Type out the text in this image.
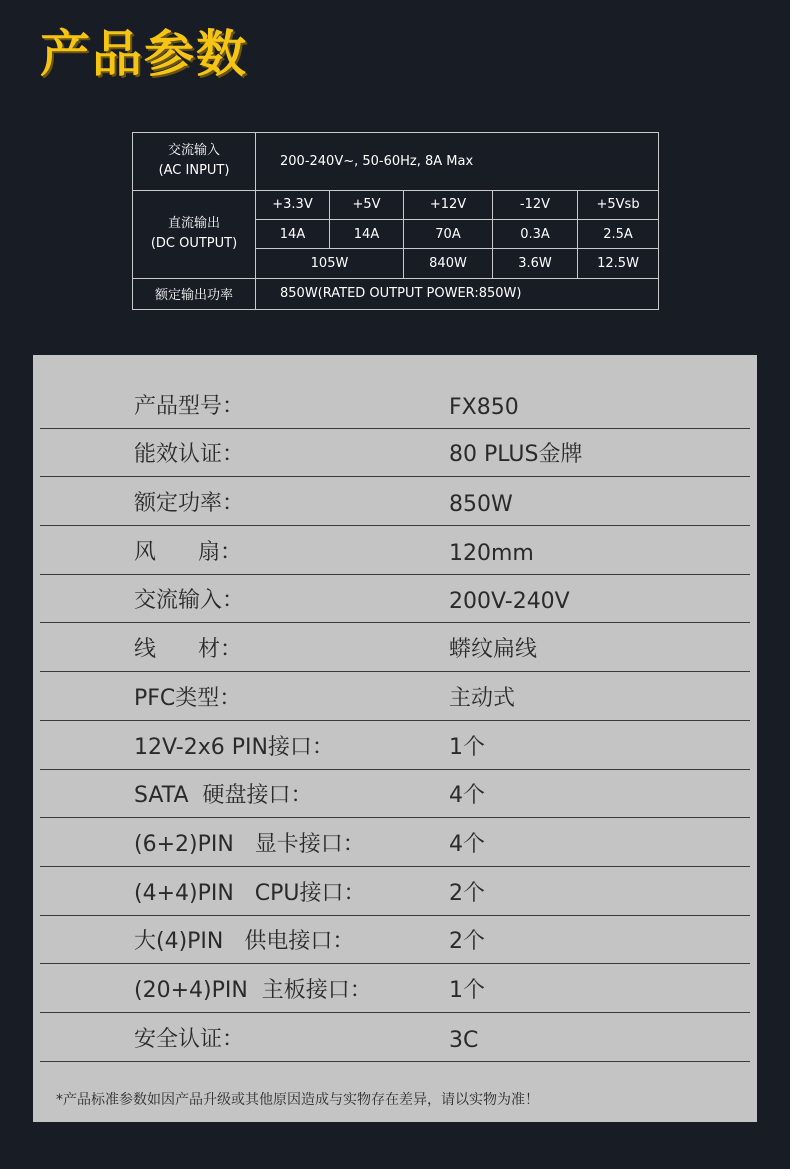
产品参数
交流输入
(AC INPUT)	200-240V~, 50-60Hz, 8A Max				

直流输出
(DC OUTPUT)	+3.3V	+5V	+12V	-12V	+5Vsb
	14A	14A	70A	0.3A	2.5A
	105W		840W	3.6W	12.5W
额定输出功率	850W(RATED OUTPUT POWER:850W)				
产品型号：	FX850
能效认证：	80 PLUS金牌
额定功率：	850W
风      扇：	120mm
交流输入：	200V-240V
线      材：	蟒纹扁线
PFC类型：	主动式
12V-2x6 PIN接口：	1个
SATA  硬盘接口：	4个
(6+2)PIN   显卡接口：	4个
(4+4)PIN   CPU接口：	2个
大(4)PIN   供电接口：	2个
(20+4)PIN  主板接口：	1个
安全认证：	3C
*产品标准参数如因产品升级或其他原因造成与实物存在差异，请以实物为准！
